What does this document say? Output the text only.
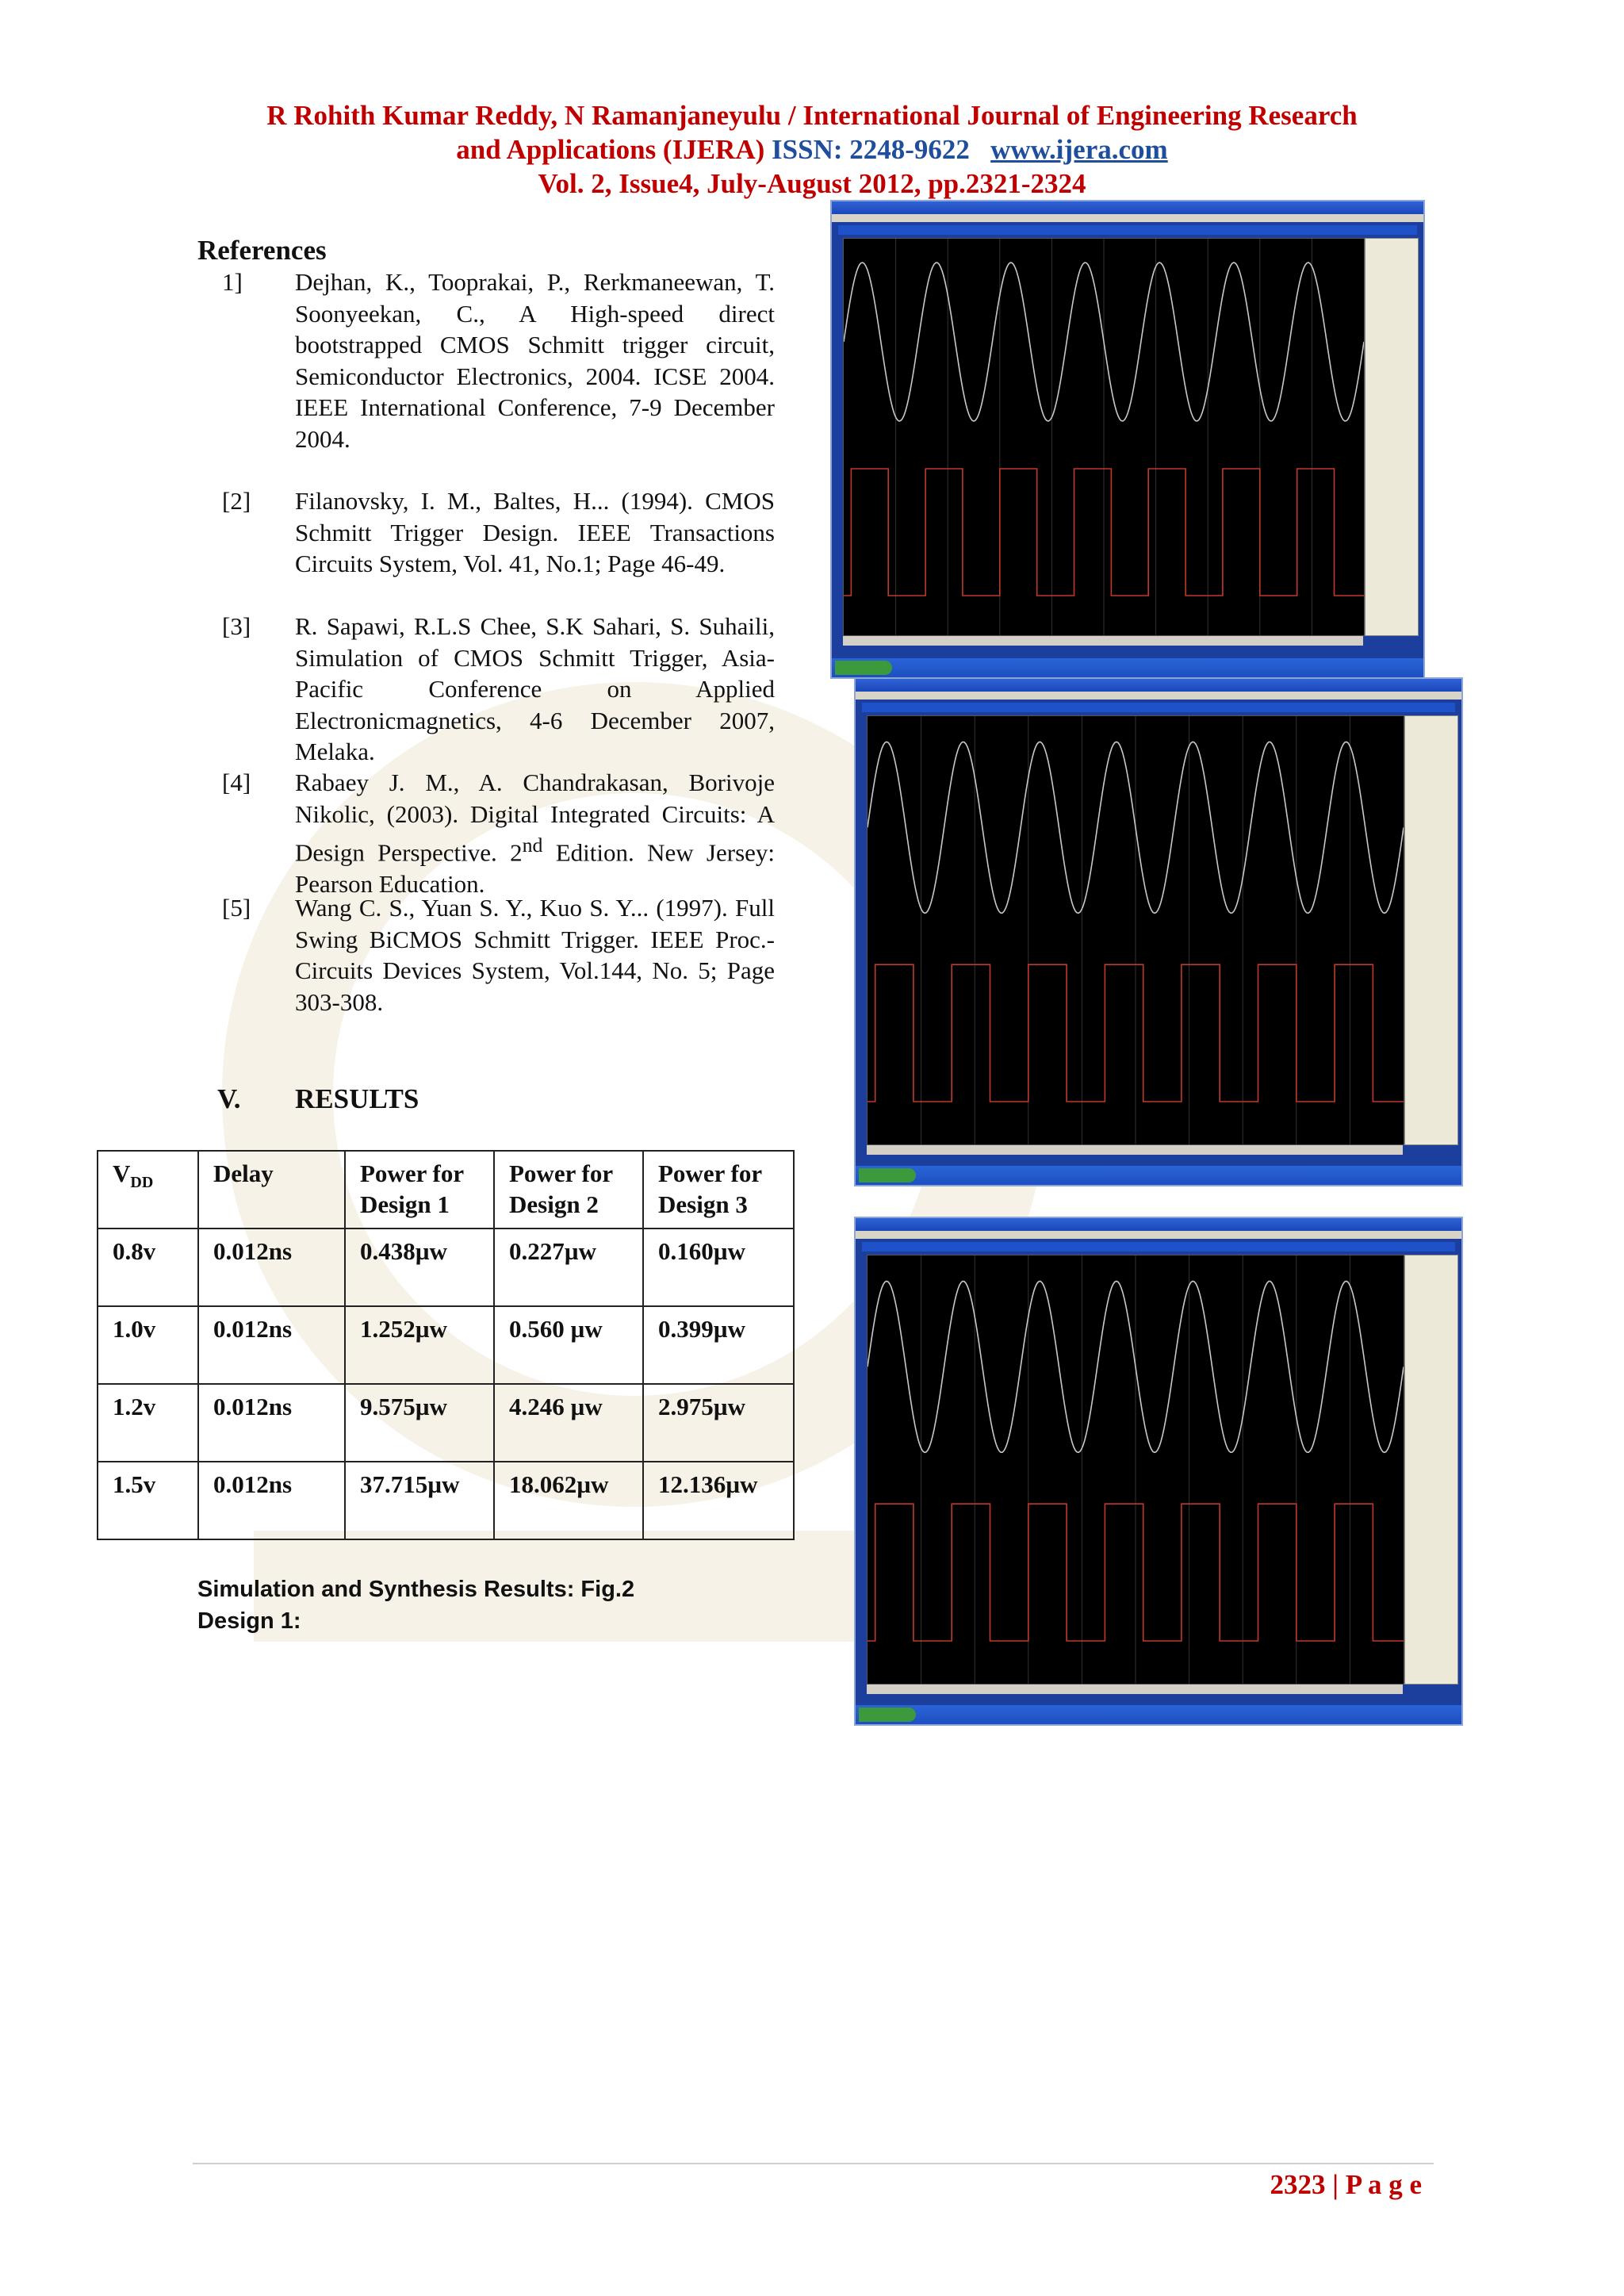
R Rohith Kumar Reddy, N Ramanjaneyulu / International Journal of Engineering Research
and Applications (IJERA) ISSN: 2248-9622   www.ijera.com
Vol. 2, Issue4, July-August 2012, pp.2321-2324
References
1] Dejhan, K., Tooprakai, P., Rerkmaneewan, T. Soonyeekan, C., A High-speed direct bootstrapped CMOS Schmitt trigger circuit, Semiconductor Electronics, 2004. ICSE 2004. IEEE International Conference, 7-9 December 2004.
[2] Filanovsky, I. M., Baltes, H... (1994). CMOS Schmitt Trigger Design. IEEE Transactions Circuits System, Vol. 41, No.1; Page 46-49.
[3] R. Sapawi, R.L.S Chee, S.K Sahari, S. Suhaili, Simulation of CMOS Schmitt Trigger, Asia-Pacific Conference on Applied Electronicmagnetics, 4-6 December 2007, Melaka.
[4] Rabaey J. M., A. Chandrakasan, Borivoje Nikolic, (2003). Digital Integrated Circuits: A Design Perspective. 2nd Edition. New Jersey: Pearson Education.
[5] Wang C. S., Yuan S. Y., Kuo S. Y... (1997). Full Swing BiCMOS Schmitt Trigger. IEEE Proc.-Circuits Devices System, Vol.144, No. 5; Page 303-308.
V. RESULTS
$V_{DD}$	Delay	Power for Design 1	Power for Design 2	Power for Design 3
0.8v	0.012ns	0.438µw	0.227µw	0.160µw
1.0v	0.012ns	1.252µw	0.560 µw	0.399µw
1.2v	0.012ns	9.575µw	4.246 µw	2.975µw
1.5v	0.012ns	37.715µw	18.062µw	12.136µw
Simulation and Synthesis Results: Fig.2
Design 1:
2323 | P a g e
